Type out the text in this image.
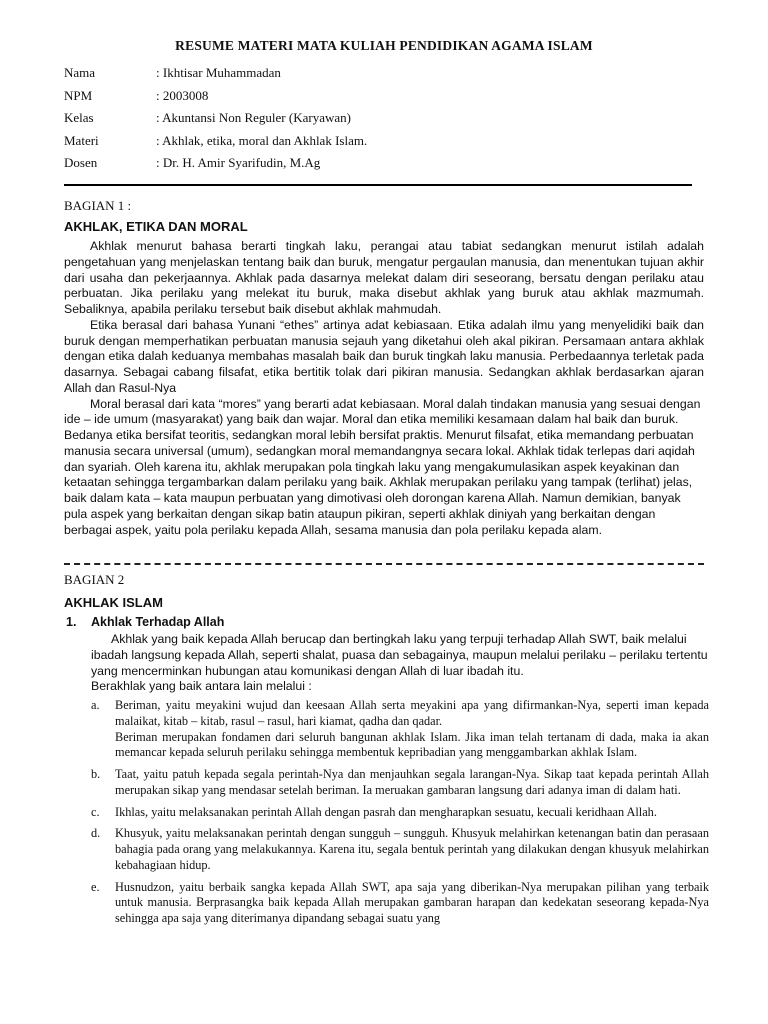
RESUME MATERI MATA KULIAH PENDIDIKAN AGAMA ISLAM
Nama	: Ikhtisar Muhammadan
NPM	: 2003008
Kelas	: Akuntansi Non Reguler (Karyawan)
Materi	: Akhlak, etika, moral dan Akhlak Islam.
Dosen	: Dr. H. Amir Syarifudin, M.Ag
BAGIAN 1 :
AKHLAK, ETIKA DAN MORAL

Akhlak menurut bahasa berarti tingkah laku, perangai atau tabiat sedangkan menurut istilah adalah pengetahuan yang menjelaskan tentang baik dan buruk, mengatur pergaulan manusia, dan menentukan tujuan akhir dari usaha dan pekerjaannya. Akhlak pada dasarnya melekat dalam diri seseorang, bersatu dengan perilaku atau perbuatan. Jika perilaku yang melekat itu buruk, maka disebut akhlak yang buruk atau akhlak mazmumah. Sebaliknya, apabila perilaku tersebut baik disebut akhlak mahmudah.

Etika berasal dari bahasa Yunani “ethes” artinya adat kebiasaan. Etika adalah ilmu yang menyelidiki baik dan buruk dengan memperhatikan perbuatan manusia sejauh yang diketahui oleh akal pikiran. Persamaan antara akhlak dengan etika dalah keduanya membahas masalah baik dan buruk tingkah laku manusia. Perbedaannya terletak pada dasarnya. Sebagai cabang filsafat, etika bertitik tolak dari pikiran manusia. Sedangkan akhlak berdasarkan ajaran Allah dan Rasul-Nya

Moral berasal dari kata “mores” yang berarti adat kebiasaan. Moral dalah tindakan manusia yang sesuai dengan ide – ide umum (masyarakat) yang baik dan wajar. Moral dan etika memiliki kesamaan dalam hal baik dan buruk. Bedanya etika bersifat teoritis, sedangkan moral lebih bersifat praktis. Menurut filsafat, etika memandang perbuatan manusia secara universal (umum), sedangkan moral memandangnya secara lokal. Akhlak tidak terlepas dari aqidah dan syariah. Oleh karena itu, akhlak merupakan pola tingkah laku yang mengakumulasikan aspek keyakinan dan ketaatan sehingga tergambarkan dalam perilaku yang baik. Akhlak merupakan perilaku yang tampak (terlihat) jelas, baik dalam kata – kata maupun perbuatan yang dimotivasi oleh dorongan karena Allah. Namun demikian, banyak pula aspek yang berkaitan dengan sikap batin ataupun pikiran, seperti akhlak diniyah yang berkaitan dengan berbagai aspek, yaitu pola perilaku kepada Allah, sesama manusia dan pola perilaku kepada alam.

BAGIAN 2
AKHLAK ISLAM
1. Akhlak Terhadap Allah

Akhlak yang baik kepada Allah berucap dan bertingkah laku yang terpuji terhadap Allah SWT, baik melalui ibadah langsung kepada Allah, seperti shalat, puasa dan sebagainya, maupun melalui perilaku – perilaku tertentu yang mencerminkan hubungan atau komunikasi dengan Allah di luar ibadah itu.

Berakhlak yang baik antara lain melalui :

a. Beriman, yaitu meyakini wujud dan keesaan Allah serta meyakini apa yang difirmankan-Nya, seperti iman kepada malaikat, kitab – kitab, rasul – rasul, hari kiamat, qadha dan qadar.

Beriman merupakan fondamen dari seluruh bangunan akhlak Islam. Jika iman telah tertanam di dada, maka ia akan memancar kepada seluruh perilaku sehingga membentuk kepribadian yang menggambarkan akhlak Islam.

b. Taat, yaitu patuh kepada segala perintah-Nya dan menjauhkan segala larangan-Nya. Sikap taat kepada perintah Allah merupakan sikap yang mendasar setelah beriman. Ia meruakan gambaran langsung dari adanya iman di dalam hati.

c. Ikhlas, yaitu melaksanakan perintah Allah dengan pasrah dan mengharapkan sesuatu, kecuali keridhaan Allah.

d. Khusyuk, yaitu melaksanakan perintah dengan sungguh – sungguh. Khusyuk melahirkan ketenangan batin dan perasaan bahagia pada orang yang melakukannya. Karena itu, segala bentuk perintah yang dilakukan dengan khusyuk melahirkan kebahagiaan hidup.

e. Husnudzon, yaitu berbaik sangka kepada Allah SWT, apa saja yang diberikan-Nya merupakan pilihan yang terbaik untuk manusia. Berprasangka baik kepada Allah merupakan gambaran harapan dan kedekatan seseorang kepada-Nya sehingga apa saja yang diterimanya dipandang sebagai suatu yang
